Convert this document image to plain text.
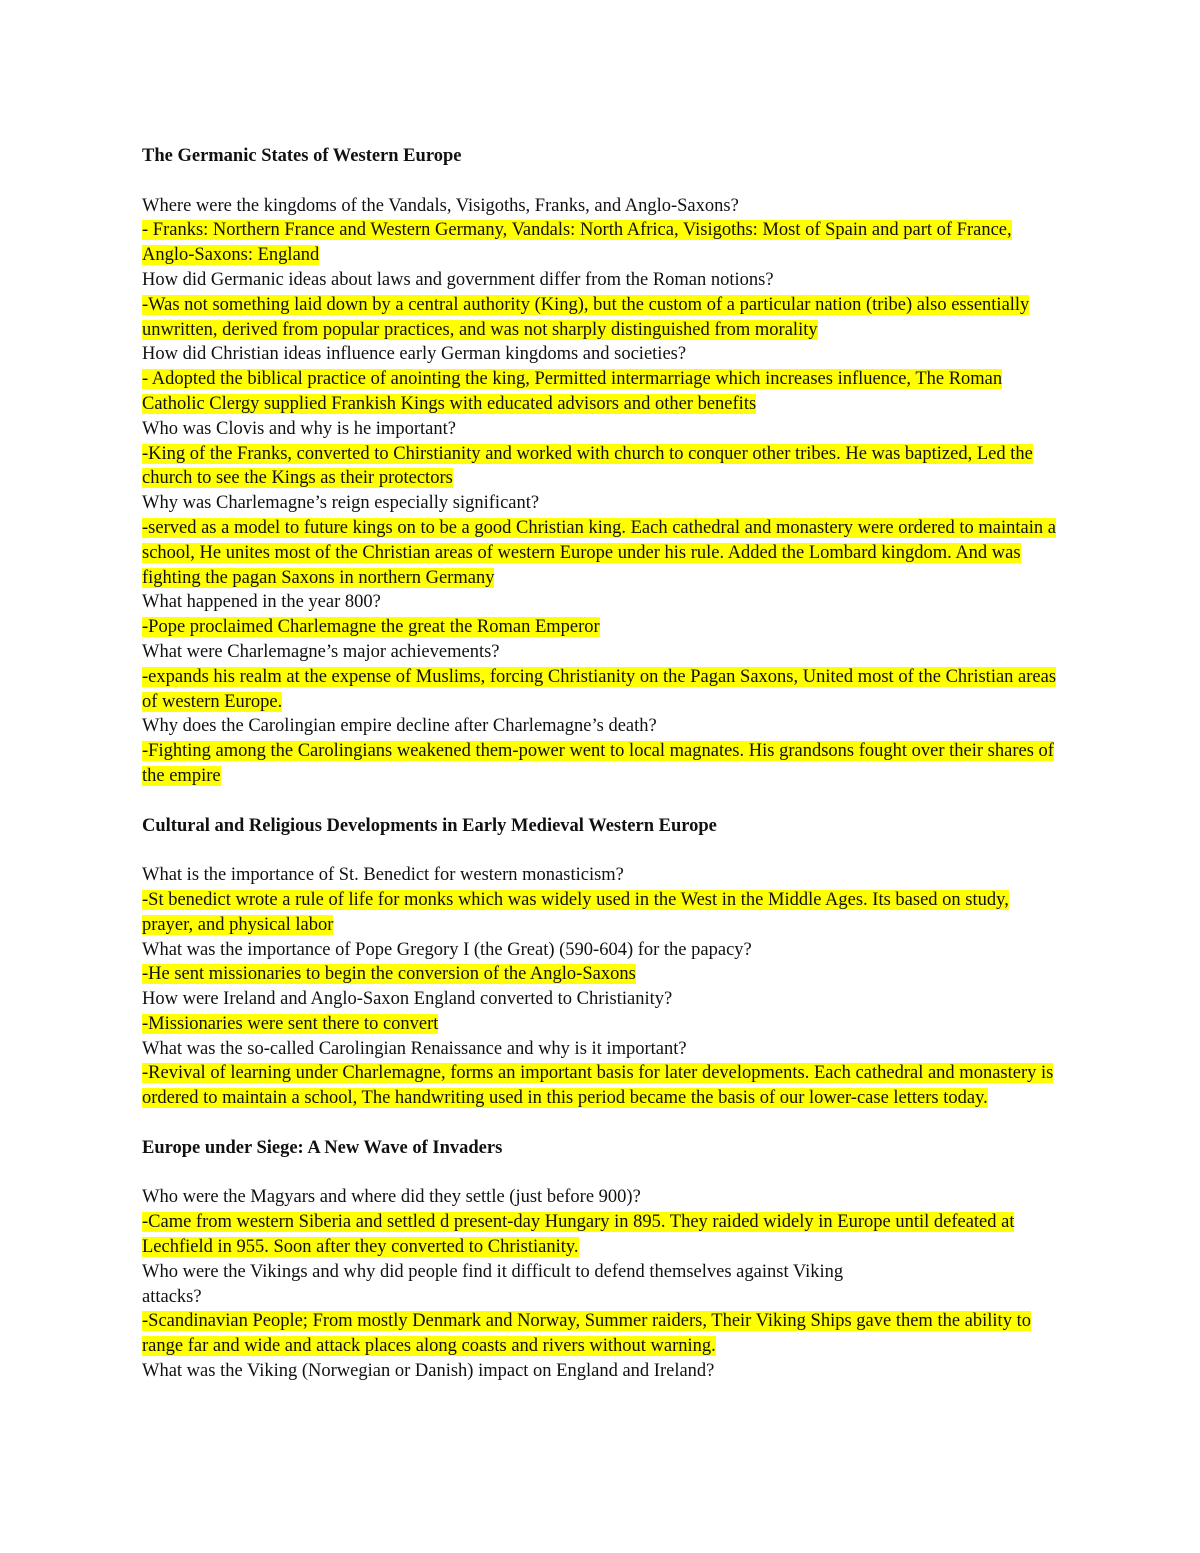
The Germanic States of Western Europe
Where were the kingdoms of the Vandals, Visigoths, Franks, and Anglo-Saxons?
- Franks: Northern France and Western Germany, Vandals: North Africa, Visigoths: Most of Spain and part of France, Anglo-Saxons: England
How did Germanic ideas about laws and government differ from the Roman notions?
-Was not something laid down by a central authority (King), but the custom of a particular nation (tribe) also essentially unwritten, derived from popular practices, and was not sharply distinguished from morality
How did Christian ideas influence early German kingdoms and societies?
- Adopted the biblical practice of anointing the king, Permitted intermarriage which increases influence, The Roman Catholic Clergy supplied Frankish Kings with educated advisors and other benefits
Who was Clovis and why is he important?
-King of the Franks, converted to Chirstianity and worked with church to conquer other tribes. He was baptized, Led the church to see the Kings as their protectors
Why was Charlemagne’s reign especially significant?
-served as a model to future kings on to be a good Christian king. Each cathedral and monastery were ordered to maintain a school, He unites most of the Christian areas of western Europe under his rule. Added the Lombard kingdom. And was fighting the pagan Saxons in northern Germany
What happened in the year 800?
-Pope proclaimed Charlemagne the great the Roman Emperor
What were Charlemagne’s major achievements?
-expands his realm at the expense of Muslims, forcing Christianity on the Pagan Saxons, United most of the Christian areas of western Europe.
Why does the Carolingian empire decline after Charlemagne’s death?
-Fighting among the Carolingians weakened them-power went to local magnates. His grandsons fought over their shares of the empire
Cultural and Religious Developments in Early Medieval Western Europe
What is the importance of St. Benedict for western monasticism?
-St benedict wrote a rule of life for monks which was widely used in the West in the Middle Ages. Its based on study, prayer, and physical labor
What was the importance of Pope Gregory I (the Great) (590-604) for the papacy?
-He sent missionaries to begin the conversion of the Anglo-Saxons
How were Ireland and Anglo-Saxon England converted to Christianity?
-Missionaries were sent there to convert
What was the so-called Carolingian Renaissance and why is it important?
-Revival of learning under Charlemagne, forms an important basis for later developments. Each cathedral and monastery is ordered to maintain a school, The handwriting used in this period became the basis of our lower-case letters today.
Europe under Siege: A New Wave of Invaders
Who were the Magyars and where did they settle (just before 900)?
-Came from western Siberia and settled d present-day Hungary in 895. They raided widely in Europe until defeated at Lechfield in 955. Soon after they converted to Christianity.
Who were the Vikings and why did people find it difficult to defend themselves against Viking attacks?
-Scandinavian People; From mostly Denmark and Norway, Summer raiders, Their Viking Ships gave them the ability to range far and wide and attack places along coasts and rivers without warning.
What was the Viking (Norwegian or Danish) impact on England and Ireland?
